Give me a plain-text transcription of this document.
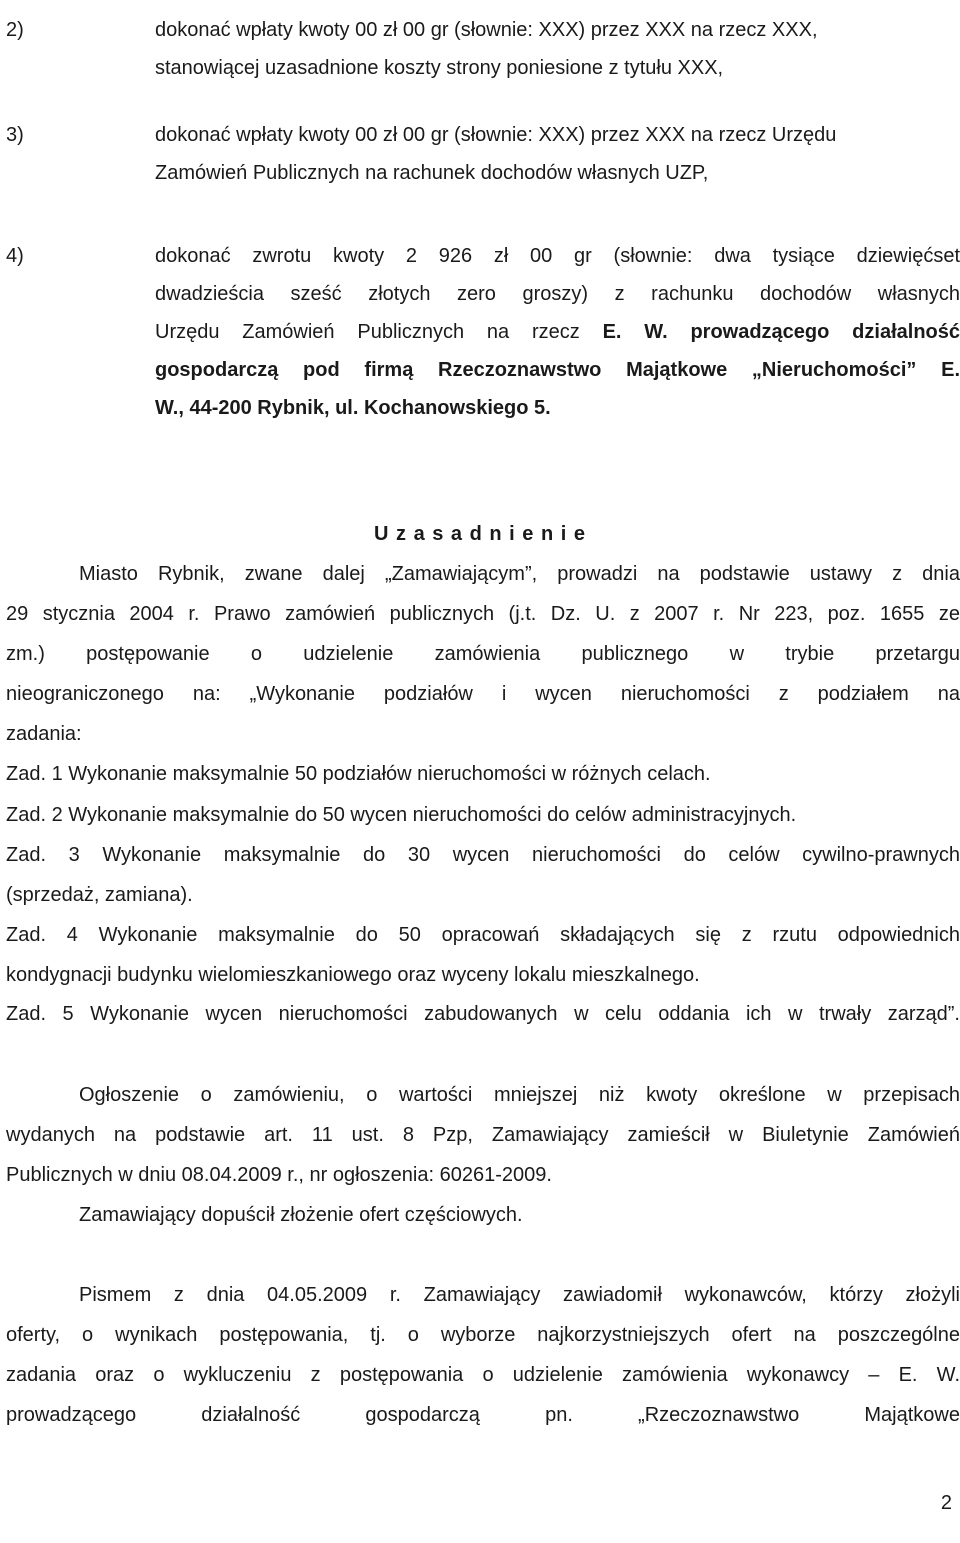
2)	dokonać wpłaty kwoty 00 zł 00 gr (słownie: XXX) przez XXX na rzecz XXX,
stanowiącej uzasadnione koszty strony poniesione z tytułu XXX,
3)	dokonać wpłaty kwoty 00 zł 00 gr (słownie: XXX) przez XXX na rzecz Urzędu
Zamówień Publicznych na rachunek dochodów własnych UZP,
4)	dokonać zwrotu kwoty 2 926 zł 00 gr (słownie: dwa tysiące dziewięćset
dwadzieścia sześć złotych zero groszy) z rachunku dochodów własnych
Urzędu Zamówień Publicznych na rzecz E. W. prowadzącego działalność
gospodarczą pod firmą Rzeczoznawstwo Majątkowe „Nieruchomości” E.
W., 44-200 Rybnik, ul. Kochanowskiego 5.
U z a s a d n i e n i e
Miasto Rybnik, zwane dalej „Zamawiającym”, prowadzi na podstawie ustawy z dnia
29 stycznia 2004 r. Prawo zamówień publicznych (j.t. Dz. U. z 2007 r. Nr 223, poz. 1655 ze
zm.) postępowanie o udzielenie zamówienia publicznego w trybie przetargu
nieograniczonego na: „Wykonanie podziałów i wycen nieruchomości z podziałem na
zadania:
Zad. 1 Wykonanie maksymalnie 50 podziałów nieruchomości w różnych celach.
Zad. 2 Wykonanie maksymalnie do 50 wycen nieruchomości do celów administracyjnych.
Zad. 3 Wykonanie maksymalnie do 30 wycen nieruchomości do celów cywilno-prawnych
(sprzedaż, zamiana).
Zad. 4 Wykonanie maksymalnie do 50 opracowań składających się z rzutu odpowiednich
kondygnacji budynku wielomieszkaniowego oraz wyceny lokalu mieszkalnego.
Zad. 5 Wykonanie wycen nieruchomości zabudowanych w celu oddania ich w trwały zarząd”.
Ogłoszenie o zamówieniu, o wartości mniejszej niż kwoty określone w przepisach
wydanych na podstawie art. 11 ust. 8 Pzp, Zamawiający zamieścił w Biuletynie Zamówień
Publicznych w dniu 08.04.2009 r., nr ogłoszenia: 60261-2009.
Zamawiający dopuścił złożenie ofert częściowych.
Pismem z dnia 04.05.2009 r. Zamawiający zawiadomił wykonawców, którzy złożyli
oferty, o wynikach postępowania, tj. o wyborze najkorzystniejszych ofert na poszczególne
zadania oraz o wykluczeniu z postępowania o udzielenie zamówienia wykonawcy – E. W.
prowadzącego działalność gospodarczą pn. „Rzeczoznawstwo Majątkowe
2
